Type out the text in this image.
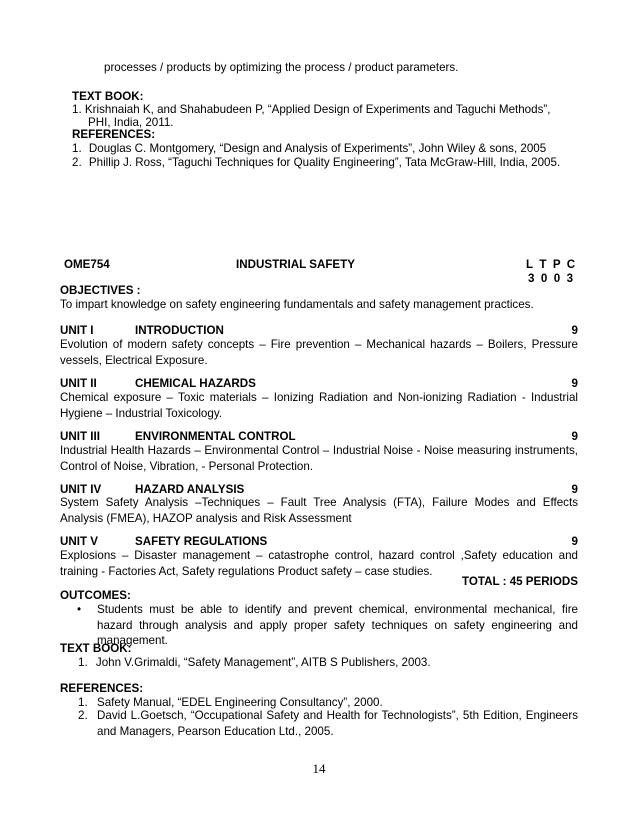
processes / products by optimizing the process / product parameters.
TEXT BOOK:
1. Krishnaiah K, and Shahabudeen P, “Applied Design of Experiments and Taguchi Methods”,
PHI, India, 2011.
REFERENCES:
1. Douglas C. Montgomery, “Design and Analysis of Experiments”, John Wiley & sons, 2005
2. Phillip J. Ross, “Taguchi Techniques for Quality Engineering”, Tata McGraw-Hill, India, 2005.
OME754	INDUSTRIAL SAFETY	L  T  P  C
3  0  0  3
OBJECTIVES :
To impart knowledge on safety engineering fundamentals and safety management practices.
UNIT I	INTRODUCTION	9
Evolution of modern safety concepts – Fire prevention – Mechanical hazards – Boilers, Pressure vessels, Electrical Exposure.
UNIT II	CHEMICAL HAZARDS	9
Chemical exposure – Toxic materials – Ionizing Radiation and Non-ionizing Radiation - Industrial Hygiene – Industrial Toxicology.
UNIT III	ENVIRONMENTAL CONTROL	9
Industrial Health Hazards – Environmental Control – Industrial Noise - Noise measuring instruments, Control of Noise, Vibration, - Personal Protection.
UNIT IV	HAZARD ANALYSIS	9
System Safety Analysis –Techniques – Fault Tree Analysis (FTA), Failure Modes and Effects Analysis (FMEA), HAZOP analysis and Risk Assessment
UNIT V	SAFETY REGULATIONS	9
Explosions – Disaster management – catastrophe control, hazard control ,Safety education and training - Factories Act, Safety regulations Product safety – case studies.
TOTAL : 45 PERIODS
OUTCOMES:
• Students must be able to identify and prevent chemical, environmental mechanical, fire hazard through analysis and apply proper safety techniques on safety engineering and management.
TEXT BOOK:
1. John V.Grimaldi, “Safety Management”, AITB S Publishers, 2003.
REFERENCES:
1. Safety Manual, “EDEL Engineering Consultancy”, 2000.
2. David L.Goetsch, “Occupational Safety and Health for Technologists”, 5th Edition, Engineers and Managers, Pearson Education Ltd., 2005.
14
